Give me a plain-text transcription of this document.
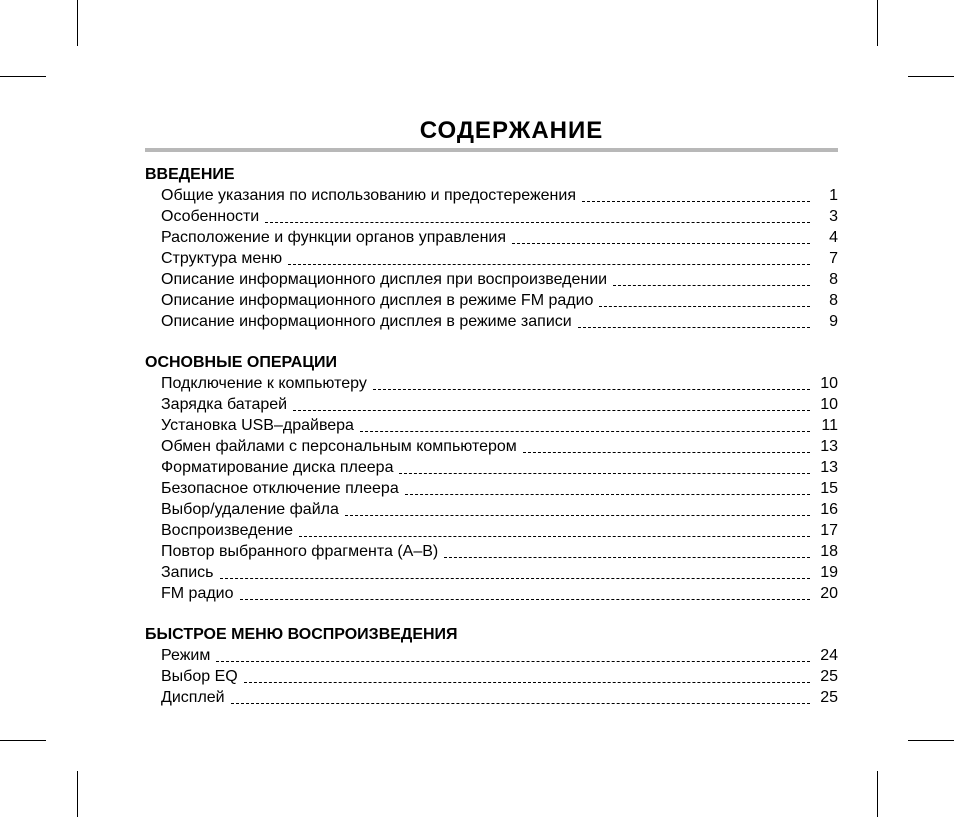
СОДЕРЖАНИЕ
ВВЕДЕНИЕ
Общие указания по использованию и предостережения	1
Особенности	3
Расположение и функции органов управления	4
Структура меню	7
Описание информационного дисплея при воспроизведении	8
Описание информационного дисплея в режиме FM радио	8
Описание информационного дисплея в режиме записи	9
ОСНОВНЫЕ ОПЕРАЦИИ
Подключение к компьютеру	10
Зарядка батарей	10
Установка USB–драйвера	11
Обмен файлами с персональным компьютером	13
Форматирование диска плеера	13
Безопасное отключение плеера	15
Выбор/удаление файла	16
Воспроизведение	17
Повтор выбранного фрагмента (А–В)	18
Запись	19
FM радио	20
БЫСТРОЕ МЕНЮ ВОСПРОИЗВЕДЕНИЯ
Режим	24
Выбор EQ	25
Дисплей	25
